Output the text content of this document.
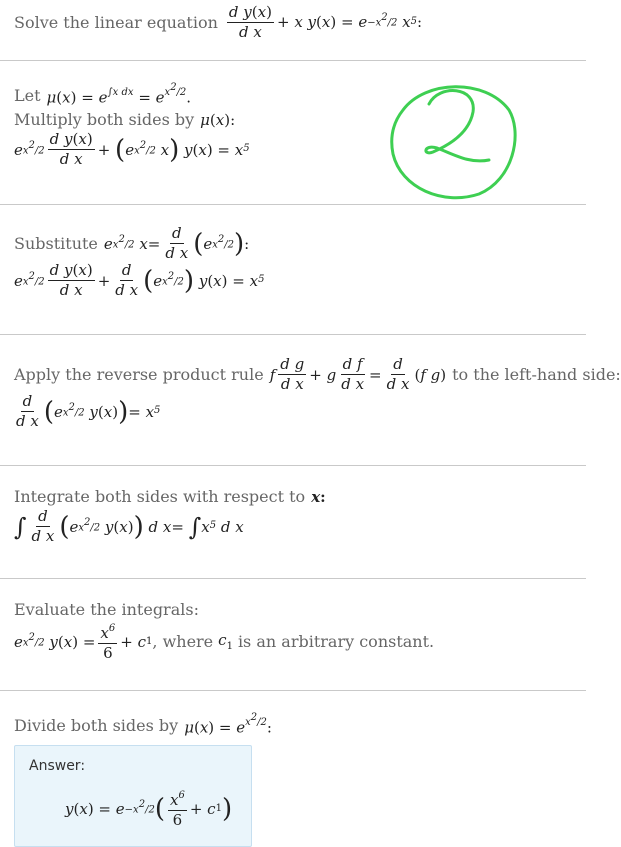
Solve the linear equation $\frac{\text{d y(x)}}{\text{d x}} + x$ y ( x ) = $e^{-x^2/2}$ $x^5$ :
Let $\mu(x) = e^{\int x dx} = e^{x^2/2}$.
Multiply both sides by μ(x):
$e^{x^2/2} \frac{\text{d y(x)}}{\text{d x}}$ +
( $e^{x^2/2}$ x ) y ( x ) = $x^5$
Substitute $e^{x^2/2}$ $x = \frac{d}{\text{d x}}$ ( $e^{x^2/2}$ ) :
$e^{x^2/2} \frac{\text{d y(x)}}{\text{d x}} + \frac{d}{\text{d x}}$ ( $e^{x^2/2}$ ) y ( x ) = $x^5$
Apply the reverse product rule f $\frac{\text{d g}}{\text{d x}} + g \frac{\text{d f}}{\text{d x}} = \frac{d}{\text{d x}}$ ( f g ) to the left-hand side:
$\frac{d}{\text{d x}}$ ( $e^{x^2/2}$ y ( x ) ) = $x^5$
Integrate both sides with respect to x:
∫ $\frac{d}{\text{d x}}$ ( $e^{x^2/2}$ y ( x ) ) d x =
∫ $x^5$ d x
Evaluate the integrals:
$e^{x^2/2}$ y ( x ) = $\frac{x^6}{6} + c$ 1 , where $c_1$ is an arbitrary constant.
Divide both sides by $\mu(x) = e^{x^2/2}$:
Answer:
y ( x ) = $e^{-x^2/2}$ ( $\frac{x^6}{6} + c$ 1 )
